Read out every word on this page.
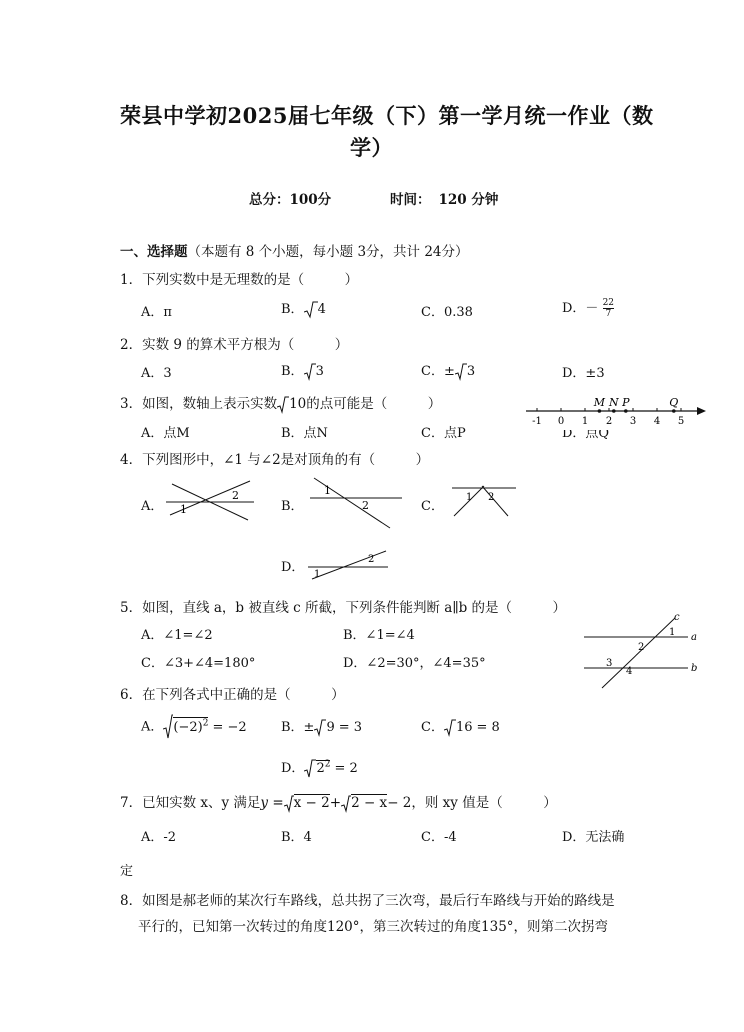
荣县中学初2025届七年级（下）第一学月统一作业（数
学）
总分：100分	时间： 120 分钟
一、选择题（本题有 8 个小题，每小题 3分，共计 24分）
1．下列实数中是无理数的是（　　　）
A．π	B． 4	C．0.38	D．－ $\frac{22}{7}$
2．实数 9 的算术平方根为（　　　）
A．3	B． 3	C．± 3	D．±3
3．如图，数轴上表示实数 10的点可能是（　　　）
A．点M	B．点N	C．点P	D．点Q
-1 0 1 2 3 4 5
M N P	Q
4．下列图形中，∠1 与∠2是对顶角的有（　　　）
A． 1
2
B．
1
2	C．
1 2
D． 1
2
5．如图，直线 a，b 被直线 c 所截，下列条件能判断 a∥b 的是（　　　）
A．∠1=∠2	B．∠1=∠4
C．∠3+∠4=180°	D．∠2=30°，∠4=35°
c
a
b
1
2
3
4
6．在下列各式中正确的是（　　　）
A． $(-2)^2 = -2$	B．± 9 = 3	C． 16 = 8
D． $2^2 = 2$
7．已知实数 x、y 满足y = x − 2+ 2 − x− 2，则 xy 值是（　　　）
A．-2	B．4	C．-4	D．无法确
定
8．如图是郝老师的某次行车路线，总共拐了三次弯，最后行车路线与开始的路线是
平行的，已知第一次转过的角度120°，第三次转过的角度135°，则第二次拐弯
